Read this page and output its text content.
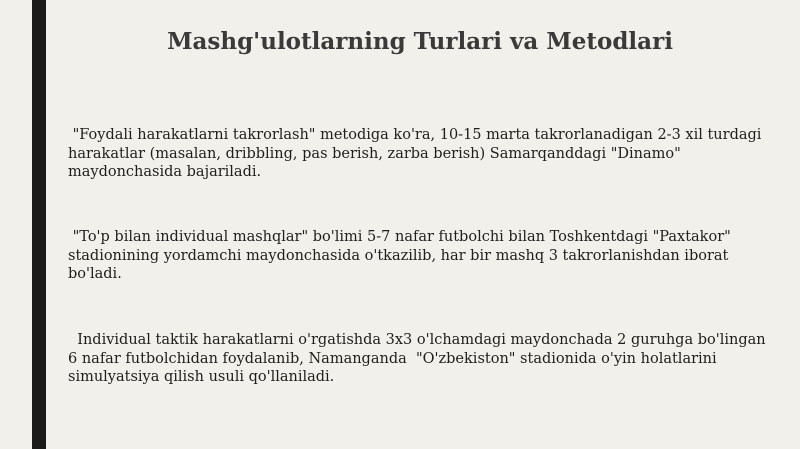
Mashg'ulotlarning Turlari va Metodlari

"Foydali harakatlarni takrorlash" metodiga ko'ra, 10-15 marta takrorlanadigan 2-3 xil turdagi harakatlar (masalan, dribbling, pas berish, zarba berish) Samarqanddagi "Dinamo" maydonchasida bajariladi.

"To'p bilan individual mashqlar" bo'limi 5-7 nafar futbolchi bilan Toshkentdagi "Paxtakor" stadionining yordamchi maydonchasida o'tkazilib, har bir mashq 3 takrorlanishdan iborat bo'ladi.

Individual taktik harakatlarni o'rgatishda 3x3 o'lchamdagi maydonchada 2 guruhga bo'lingan 6 nafar futbolchidan foydalanib, Namanganda  "O'zbekiston" stadionida o'yin holatlarini simulyatsiya qilish usuli qo'llaniladi.
